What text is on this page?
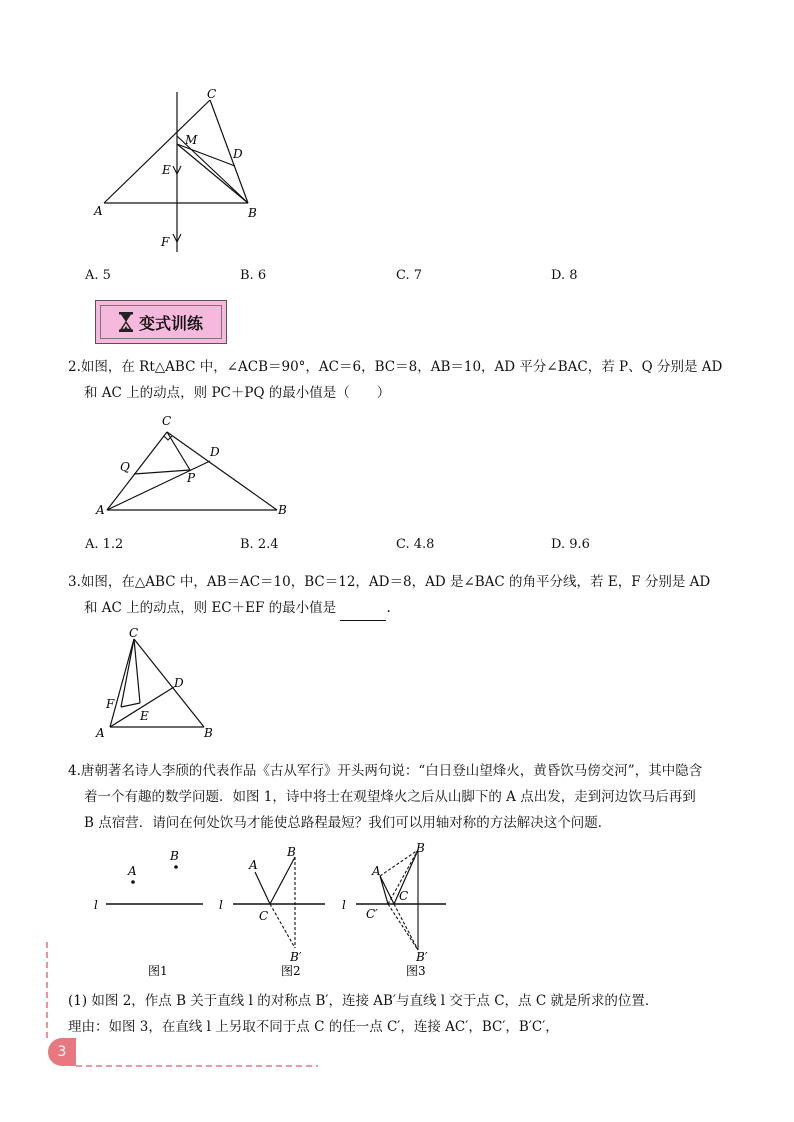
C
M
D
E
A	B
F
A. 5	B. 6	C. 7	D. 8
变式训练
2.如图，在 Rt△ABC 中，∠ACB＝90°，AC＝6，BC＝8，AB＝10，AD 平分∠BAC，若 P、Q 分别是 AD
和 AC 上的动点，则 PC＋PQ 的最小值是（　　）
C
D
Q
P
A	B
A. 1.2	B. 2.4	C. 4.8	D. 9.6
3.如图，在△ABC 中，AB＝AC＝10，BC＝12，AD＝8，AD 是∠BAC 的角平分线，若 E，F 分别是 AD
和 AC 上的动点，则 EC＋EF 的最小值是	.
C
D
F
E
A	B
4.唐朝著名诗人李颀的代表作品《古从军行》开头两句说：“白日登山望烽火，黄昏饮马傍交河”，其中隐含
着一个有趣的数学问题．如图 1，诗中将士在观望烽火之后从山脚下的 A 点出发，走到河边饮马后再到
B 点宿营．请问在何处饮马才能使总路程最短？我们可以用轴对称的方法解决这个问题．
l
A
B
图1
l
A
B
C
B′
图2
l
A
B
C
C′
B′
图3
(1) 如图 2，作点 B 关于直线 l 的对称点 B′，连接 AB′与直线 l 交于点 C，点 C 就是所求的位置．
理由：如图 3，在直线 l 上另取不同于点 C 的任一点 C′，连接 AC′，BC′，B′C′，
3
